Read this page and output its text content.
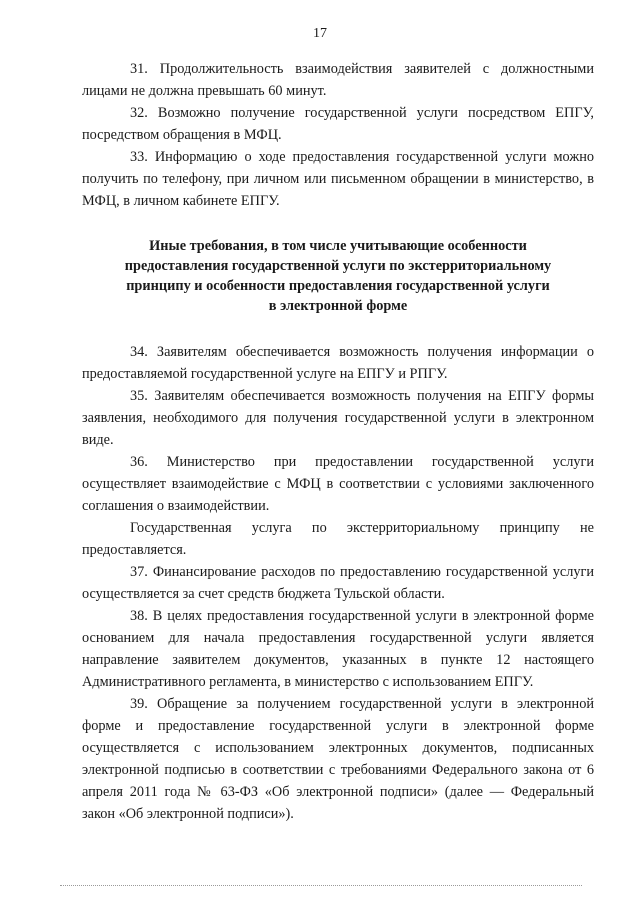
17

31. Продолжительность взаимодействия заявителей с должностными лицами не должна превышать 60 минут.

32. Возможно получение государственной услуги посредством ЕПГУ, посредством обращения в МФЦ.

33. Информацию о ходе предоставления государственной услуги можно получить по телефону, при личном или письменном обращении в министерство, в МФЦ, в личном кабинете ЕПГУ.

Иные требования, в том числе учитывающие особенности
предоставления государственной услуги по экстерриториальному
принципу и особенности предоставления государственной услуги
в электронной форме

34. Заявителям обеспечивается возможность получения информации о предоставляемой государственной услуге на ЕПГУ и РПГУ.

35. Заявителям обеспечивается возможность получения на ЕПГУ формы заявления, необходимого для получения государственной услуги в электронном виде.

36. Министерство при предоставлении государственной услуги осуществляет взаимодействие с МФЦ в соответствии с условиями заключенного соглашения о взаимодействии.

Государственная услуга по экстерриториальному принципу не предоставляется.

37. Финансирование расходов по предоставлению государственной услуги осуществляется за счет средств бюджета Тульской области.

38. В целях предоставления государственной услуги в электронной форме основанием для начала предоставления государственной услуги является направление заявителем документов, указанных в пункте 12 настоящего Административного регламента, в министерство с использованием ЕПГУ.

39. Обращение за получением государственной услуги в электронной форме и предоставление государственной услуги в электронной форме осуществляется с использованием электронных документов, подписанных электронной подписью в соответствии с требованиями Федерального закона от 6 апреля 2011 года № 63-ФЗ «Об электронной подписи» (далее — Федеральный закон «Об электронной подписи»).
